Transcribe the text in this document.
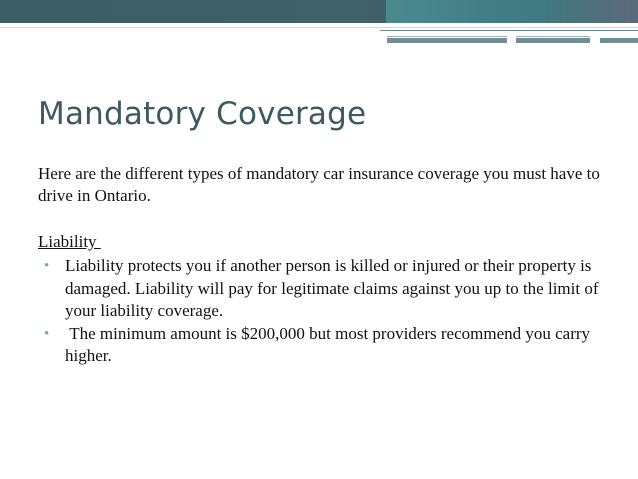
Mandatory Coverage
Here are the different types of mandatory car insurance coverage you must have to drive in Ontario.
Liability
• Liability protects you if another person is killed or injured or their property is damaged. Liability will pay for legitimate claims against you up to the limit of your liability coverage.
• The minimum amount is $200,000 but most providers recommend you carry higher.
